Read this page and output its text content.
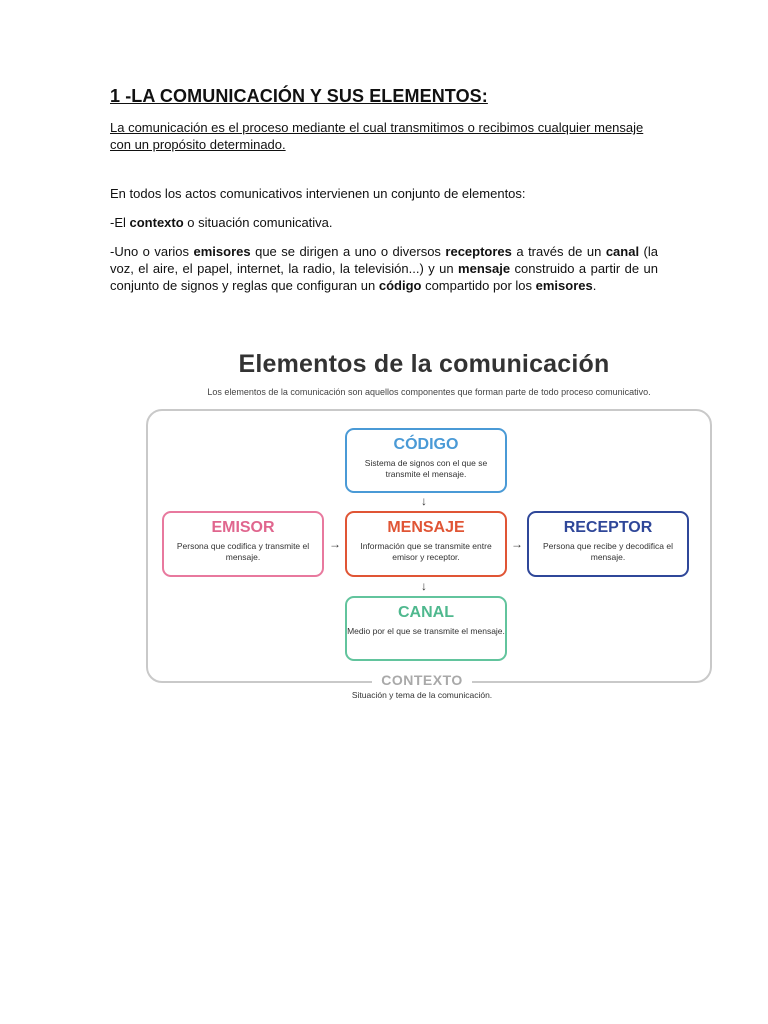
1 -LA COMUNICACIÓN Y SUS ELEMENTOS:

La comunicación es el proceso mediante el cual transmitimos o recibimos cualquier mensaje con un propósito determinado.

En todos los actos comunicativos intervienen un conjunto de elementos:

-El contexto o situación comunicativa.

-Uno o varios emisores que se dirigen a uno o diversos receptores a través de un canal (la voz, el aire, el papel, internet, la radio, la televisión...) y un mensaje construido a partir de un conjunto de signos y reglas que configuran un código compartido por los emisores.

Elementos de la comunicación
Los elementos de la comunicación son aquellos componentes que forman parte de todo proceso comunicativo.
CÓDIGO
Sistema de signos con el que se transmite el mensaje.
EMISOR
Persona que codifica y transmite el mensaje.
MENSAJE
Información que se transmite entre emisor y receptor.
RECEPTOR
Persona que recibe y decodifica el mensaje.
CANAL
Medio por el que se transmite el mensaje.
↓
↓
→	→
CONTEXTO
Situación y tema de la comunicación.
